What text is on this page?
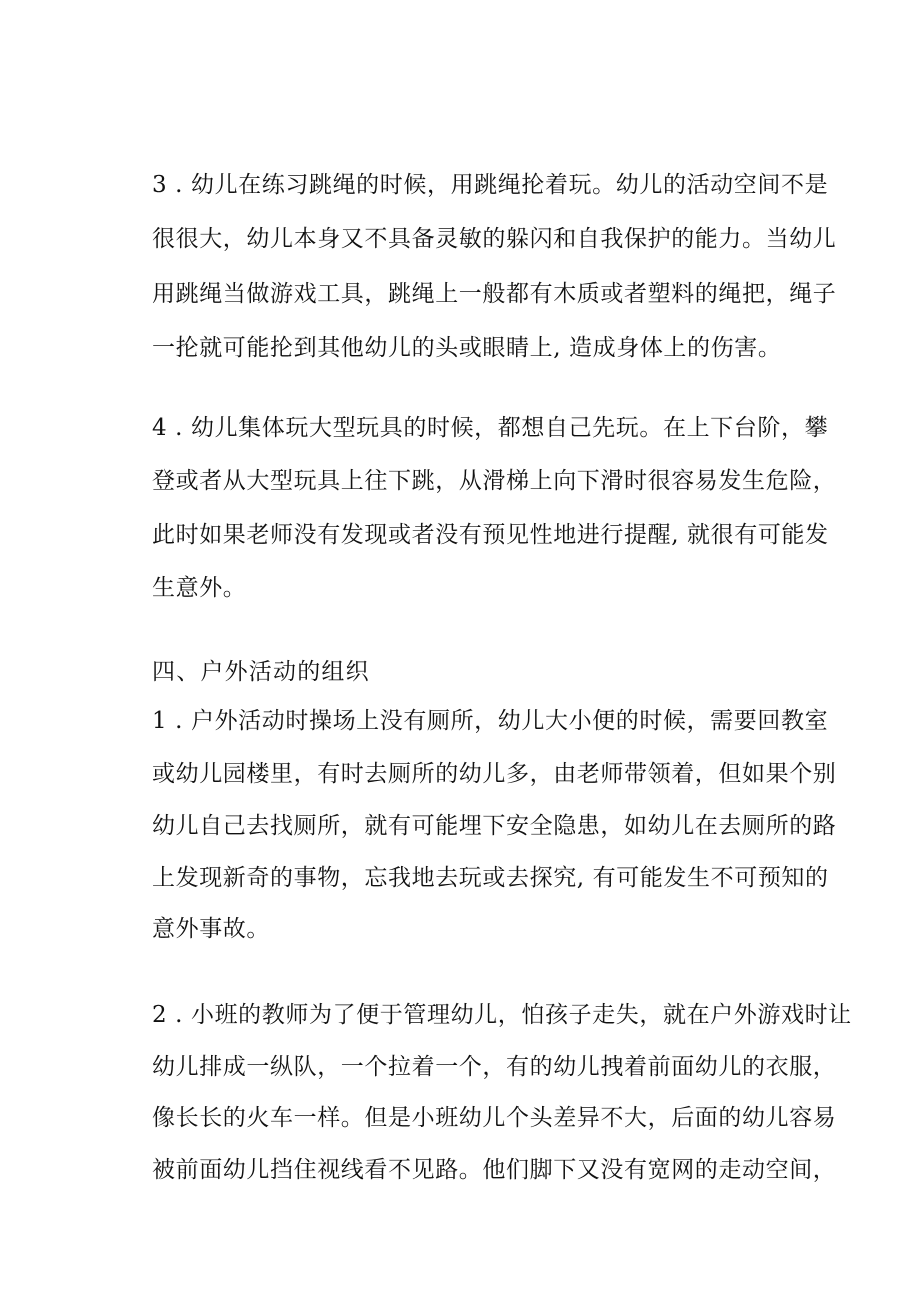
3 . 幼儿在练习跳绳的时候，用跳绳抡着玩。幼儿的活动空间不是
很很大，幼儿本身又不具备灵敏的躲闪和自我保护的能力。当幼儿
用跳绳当做游戏工具，跳绳上一般都有木质或者塑料的绳把，绳子
一抡就可能抡到其他幼儿的头或眼睛上, 造成身体上的伤害。
4 . 幼儿集体玩大型玩具的时候，都想自己先玩。在上下台阶，攀
登或者从大型玩具上往下跳，从滑梯上向下滑时很容易发生危险，
此时如果老师没有发现或者没有预见性地进行提醒, 就很有可能发
生意外。
四、户外活动的组织
1 . 户外活动时操场上没有厕所，幼儿大小便的时候，需要回教室
或幼儿园楼里，有时去厕所的幼儿多，由老师带领着，但如果个别
幼儿自己去找厕所，就有可能埋下安全隐患，如幼儿在去厕所的路
上发现新奇的事物，忘我地去玩或去探究, 有可能发生不可预知的
意外事故。
2 . 小班的教师为了便于管理幼儿，怕孩子走失，就在户外游戏时让
幼儿排成一纵队，一个拉着一个，有的幼儿拽着前面幼儿的衣服，
像长长的火车一样。但是小班幼儿个头差异不大，后面的幼儿容易
被前面幼儿挡住视线看不见路。他们脚下又没有宽网的走动空间，
